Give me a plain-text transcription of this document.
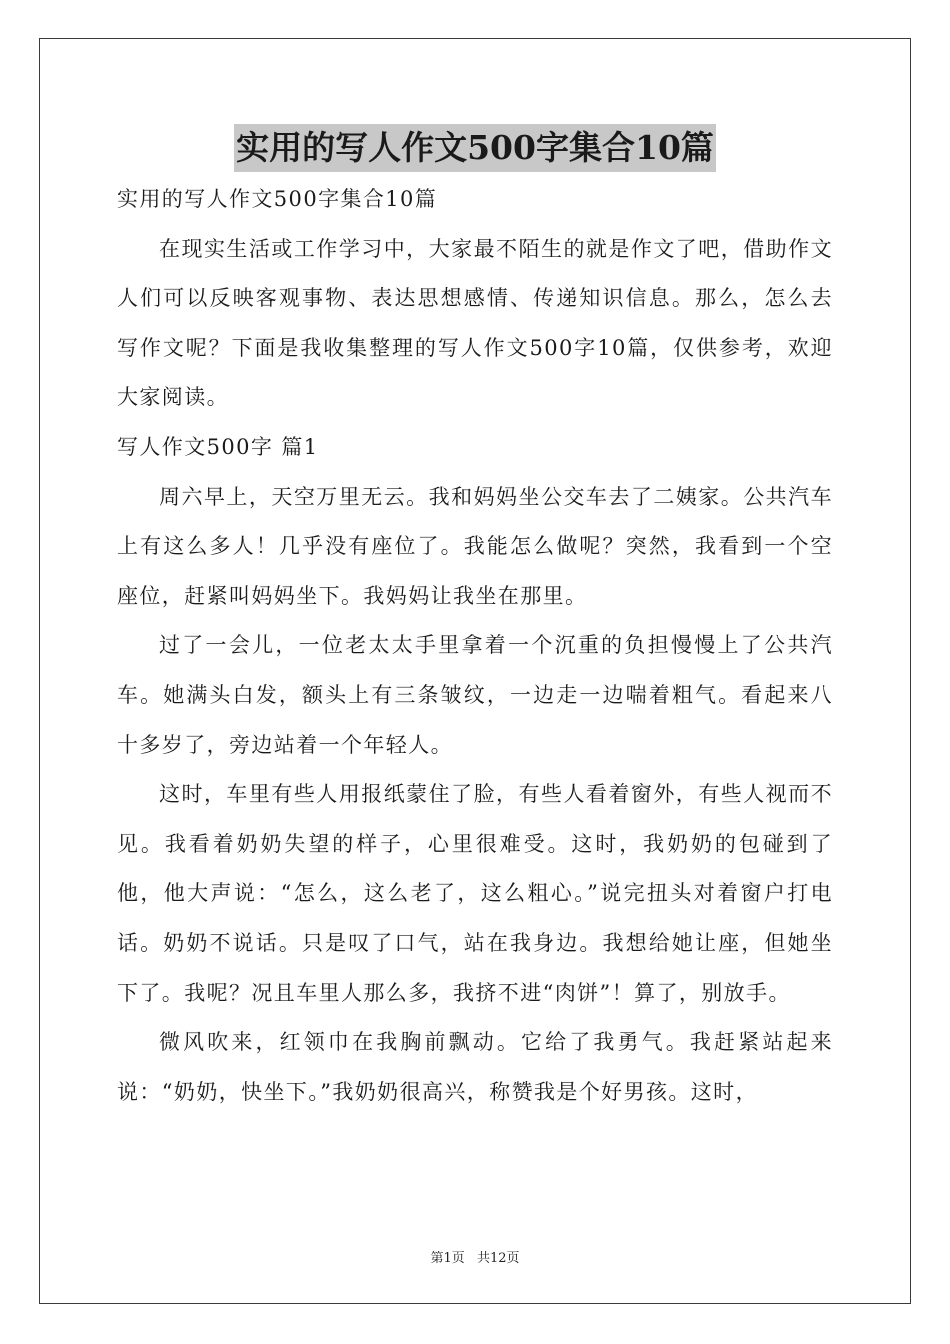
实用的写人作文500字集合10篇
实用的写人作文500字集合10篇

在现实生活或工作学习中，大家最不陌生的就是作文了吧，借助作文人们可以反映客观事物、表达思想感情、传递知识信息。那么，怎么去写作文呢？下面是我收集整理的写人作文500字10篇，仅供参考，欢迎大家阅读。

写人作文500字 篇1

周六早上，天空万里无云。我和妈妈坐公交车去了二姨家。公共汽车上有这么多人！几乎没有座位了。我能怎么做呢？突然，我看到一个空座位，赶紧叫妈妈坐下。我妈妈让我坐在那里。

过了一会儿，一位老太太手里拿着一个沉重的负担慢慢上了公共汽车。她满头白发，额头上有三条皱纹，一边走一边喘着粗气。看起来八十多岁了，旁边站着一个年轻人。

这时，车里有些人用报纸蒙住了脸，有些人看着窗外，有些人视而不见。我看着奶奶失望的样子，心里很难受。这时，我奶奶的包碰到了他，他大声说：“怎么，这么老了，这么粗心。”说完扭头对着窗户打电话。奶奶不说话。只是叹了口气，站在我身边。我想给她让座，但她坐下了。我呢？况且车里人那么多，我挤不进“肉饼”！算了，别放手。

微风吹来，红领巾在我胸前飘动。它给了我勇气。我赶紧站起来说：“奶奶，快坐下。”我奶奶很高兴，称赞我是个好男孩。这时，

第1页 共12页
